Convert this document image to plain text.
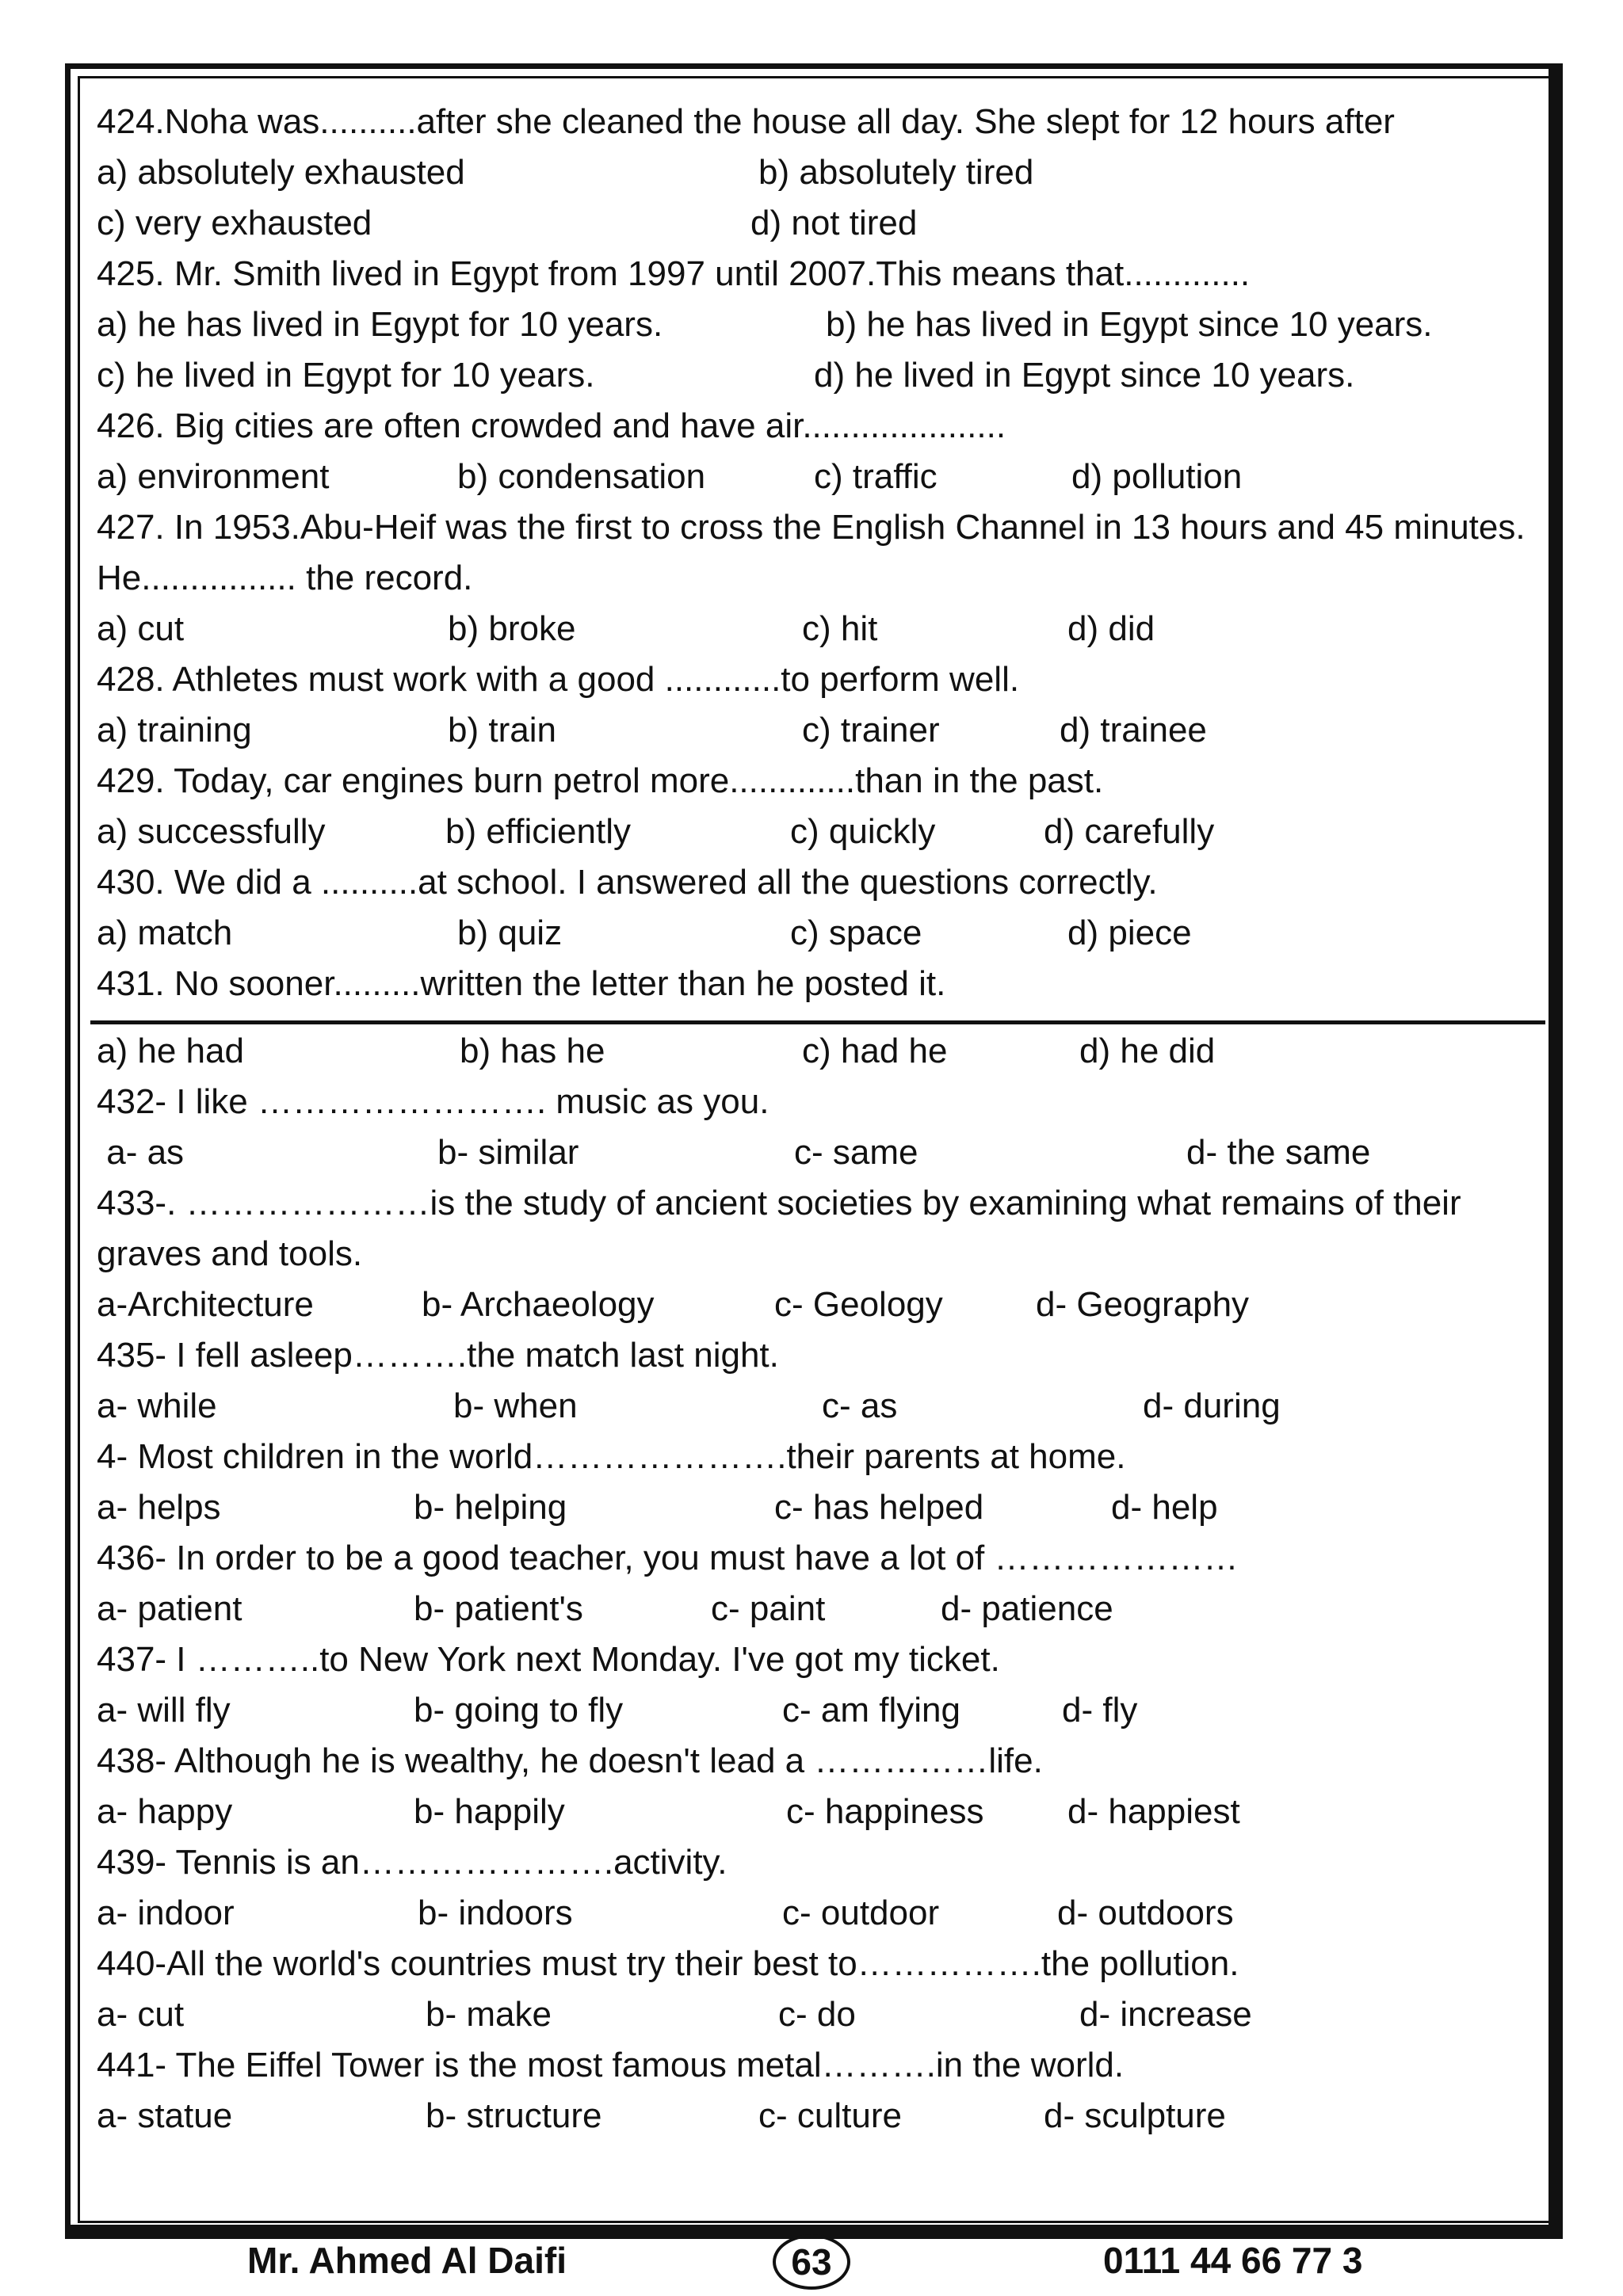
424.Noha was..........after she cleaned the house all day. She slept for 12 hours after
a) absolutely exhausted	b) absolutely tired
c) very exhausted	d) not tired
425. Mr. Smith lived in Egypt from 1997 until 2007.This means that.............
a) he has lived in Egypt for 10 years.	b) he has lived in Egypt since 10 years.
c) he lived in Egypt for 10 years.	d) he lived in Egypt since 10 years.
426. Big cities are often crowded and have air.....................
a) environment	b) condensation	c) traffic	d) pollution
427. In 1953.Abu-Heif was the first to cross the English Channel in 13 hours and 45 minutes. He................ the record.
a) cut	b) broke	c) hit	d) did
428. Athletes must work with a good ............to perform well.
a) training	b) train	c) trainer	d) trainee
429. Today, car engines burn petrol more.............than in the past.
a) successfully	b) efficiently	c) quickly	d) carefully
430. We did a ..........at school. I answered all the questions correctly.
a) match	b) quiz	c) space	d) piece
431. No sooner.........written the letter than he posted it.
a) he had	b) has he	c) had he	d) he did
432- I like ……………………. music as you.
a- as	b- similar	c- same	d- the same
433-. …………………is the study of ancient societies by examining what remains of their graves and tools.
a-Architecture	b- Archaeology	c- Geology	d- Geography
435- I fell asleep……….the match last night.
a- while	b- when	c- as	d- during
4- Most children in the world………………….their parents at home.
a- helps	b- helping	c- has helped	d- help
436- In order to be a good teacher, you must have a lot of …………………
a- patient	b- patient's	c- paint	d- patience
437- I ………..to New York next Monday. I've got my ticket.
a- will fly	b- going to fly	c- am flying	d- fly
438- Although he is wealthy, he doesn't lead a ……………life.
a- happy	b- happily	c- happiness d- happiest
439- Tennis is an………………….activity.
a- indoor	b- indoors	c- outdoor	d- outdoors
440-All the world's countries must try their best to…………….the pollution.
a- cut	b- make	c- do	d- increase
441- The Eiffel Tower is the most famous metal……….in the world.
a- statue	b- structure	c- culture	d- sculpture
Mr. Ahmed Al Daifi	63	0111 44 66 77 3
